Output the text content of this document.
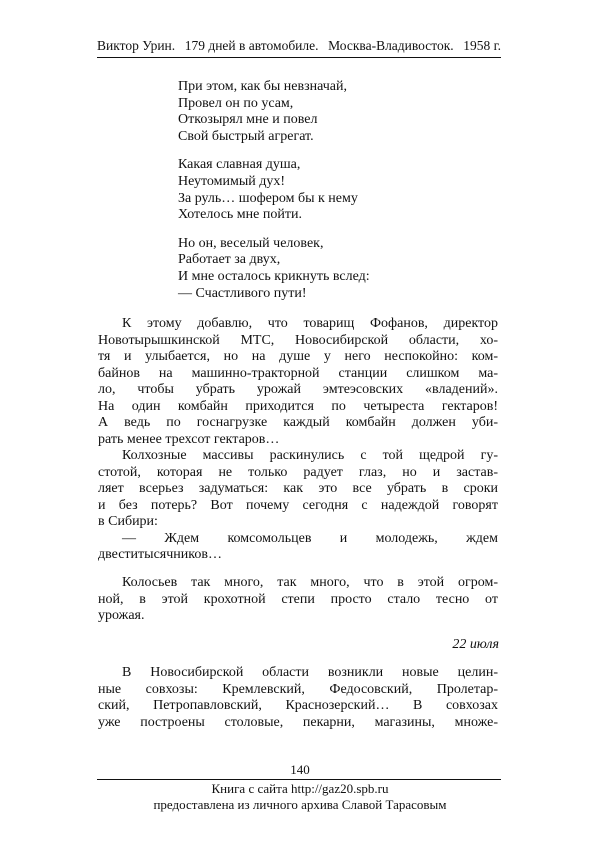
Виктор Урин. 179 дней в автомобиле. Москва-Владивосток. 1958 г.
При этом, как бы невзначай,
Провел он по усам,
Откозырял мне и повел
Свой быстрый агрегат.
Какая славная душа,
Неутомимый дух!
За руль… шофером бы к нему
Хотелось мне пойти.
Но он, веселый человек,
Работает за двух,
И мне осталось крикнуть вслед:
— Счастливого пути!
К этому добавлю, что товарищ Фофанов, директор
Новотырышкинской МТС, Новосибирской области, хо-
тя и улыбается, но на душе у него неспокойно: ком-
байнов на машинно-тракторной станции слишком ма-
ло, чтобы убрать урожай эмтеэсовских «владений».
На один комбайн приходится по четыреста гектаров!
А ведь по госнагрузке каждый комбайн должен уби-
рать менее трехсот гектаров…
Колхозные массивы раскинулись с той щедрой гу-
стотой, которая не только радует глаз, но и застав-
ляет всерьез задуматься: как это все убрать в сроки
и без потерь? Вот почему сегодня с надеждой говорят
в Сибири:
— Ждем комсомольцев и молодежь, ждем
двеститысячников…
Колосьев так много, так много, что в этой огром-
ной, в этой крохотной степи просто стало тесно от
урожая.
22 июля
В Новосибирской области возникли новые целин-
ные совхозы: Кремлевский, Федосовский, Пролетар-
ский, Петропавловский, Краснозерский… В совхозах
уже построены столовые, пекарни, магазины, множе-
140
Книга с сайта http://gaz20.spb.ru
предоставлена из личного архива Славой Тарасовым
